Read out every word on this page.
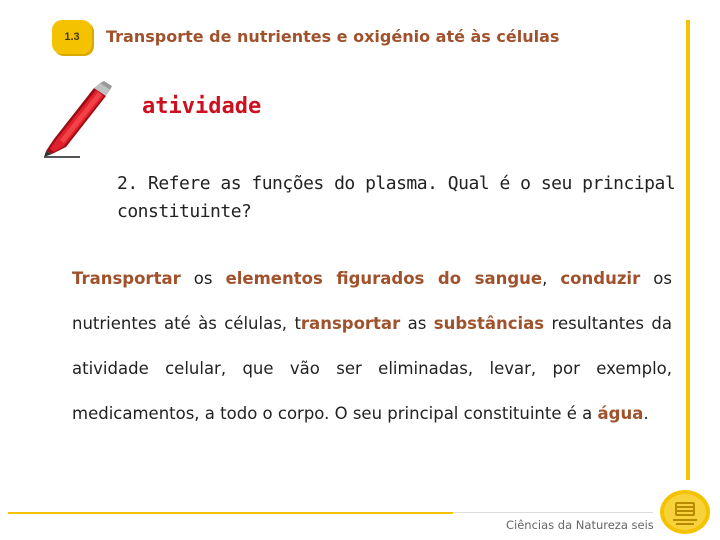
1.3 Transporte de nutrientes e oxigénio até às células
atividade
2. Refere as funções do plasma. Qual é o seu principal constituinte?
Transportar os elementos figurados do sangue, conduzir os nutrientes até às células, transportar as substâncias resultantes da atividade celular, que vão ser eliminadas, levar, por exemplo, medicamentos, a todo o corpo. O seu principal constituinte é a água.
Ciências da Natureza seis
